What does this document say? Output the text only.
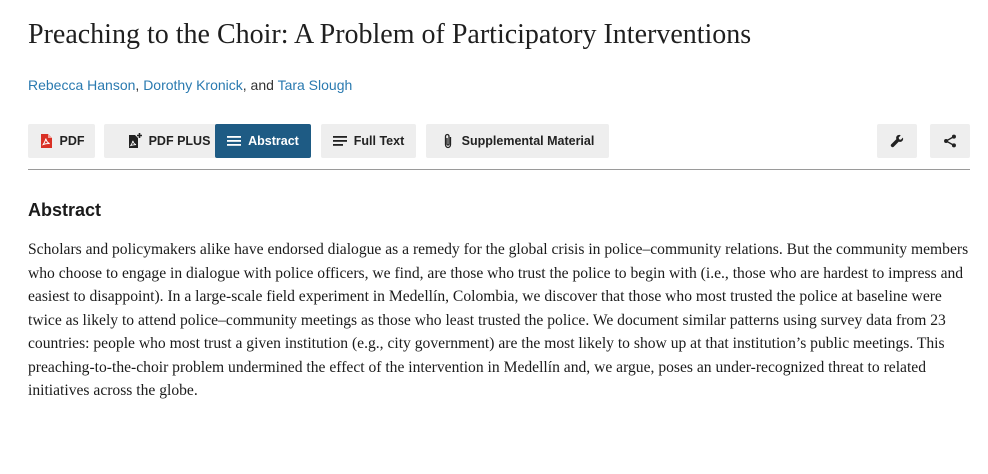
Preaching to the Choir: A Problem of Participatory Interventions
Rebecca Hanson, Dorothy Kronick, and Tara Slough
PDF	PDF PLUS	Abstract	Full Text	Supplemental Material
Abstract

Scholars and policymakers alike have endorsed dialogue as a remedy for the global crisis in police–community relations. But the community members who choose to engage in dialogue with police officers, we find, are those who trust the police to begin with (i.e., those who are hardest to impress and easiest to disappoint). In a large-scale field experiment in Medellín, Colombia, we discover that those who most trusted the police at baseline were twice as likely to attend police–community meetings as those who least trusted the police. We document similar patterns using survey data from 23 countries: people who most trust a given institution (e.g., city government) are the most likely to show up at that institution’s public meetings. This preaching-to-the-choir problem undermined the effect of the intervention in Medellín and, we argue, poses an under-recognized threat to related initiatives across the globe.
